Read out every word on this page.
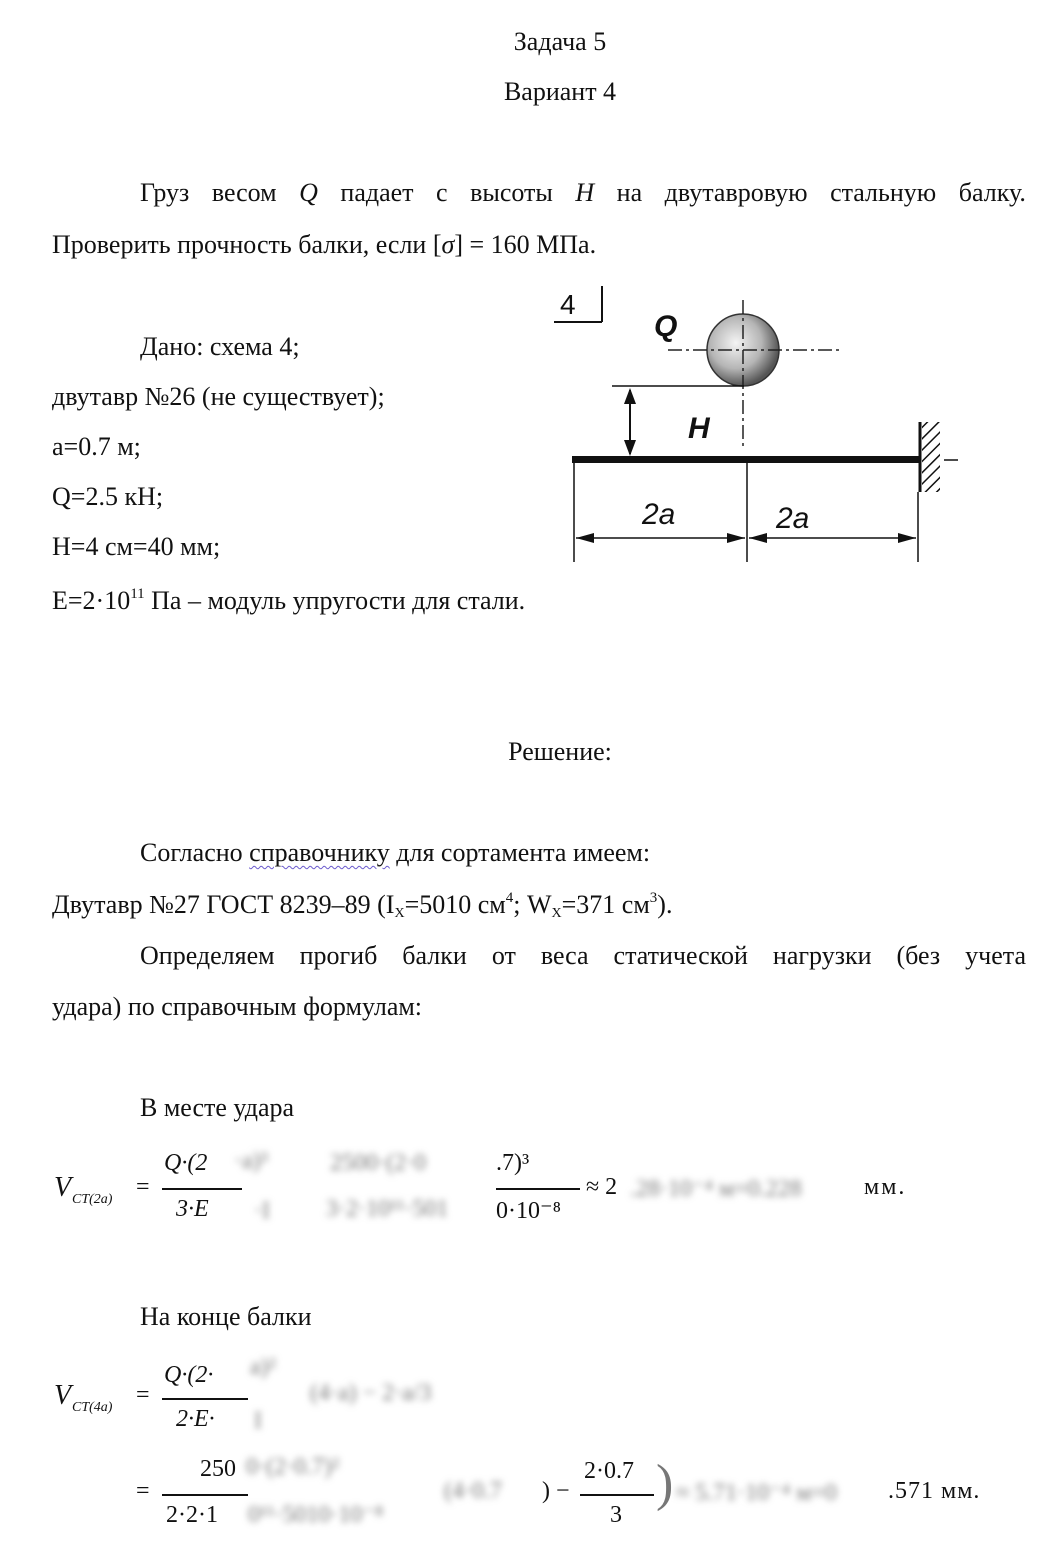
Задача 5
Вариант 4
Груз весом Q падает с высоты H на двутавровую стальную балку.
Проверить прочность балки, если [σ] = 160 МПа.
Дано: схема 4;
двутавр №26 (не существует);
a=0.7 м;
Q=2.5 кН;
H=4 см=40 мм;
$E=2\cdot 10^{11}$ Па – модуль упругости для стали.
4
Q
H
2a	2a
Решение:
Согласно справочнику для сортамента имеем:
Двутавр №27 ГОСТ 8239–89 ($I_X=5010$ $см^4$; $W_X=371$ $см^3$).
Определяем прогиб балки от веса статической нагрузки (без учета
удара) по справочным формулам:
В месте удара
V CT(2a) =
Q·(2 ·a)³
3·E ·I
2500·(2·0	.7)³
3·2·10¹¹·501 0·10⁻⁸
≈ 2 .28·10⁻⁴ м=0.228	мм.
На конце балки
V CT(4a) =
Q·(2· a)²
2·E· I
(4·a) − 2·a/3
=
250 0·(2·0.7)²
2·2·1 0¹¹·5010·10⁻⁸
(4·0.7 ) −
2·0.7
3
) ≈ 5.71·10⁻⁴ м=0 .571 мм.
